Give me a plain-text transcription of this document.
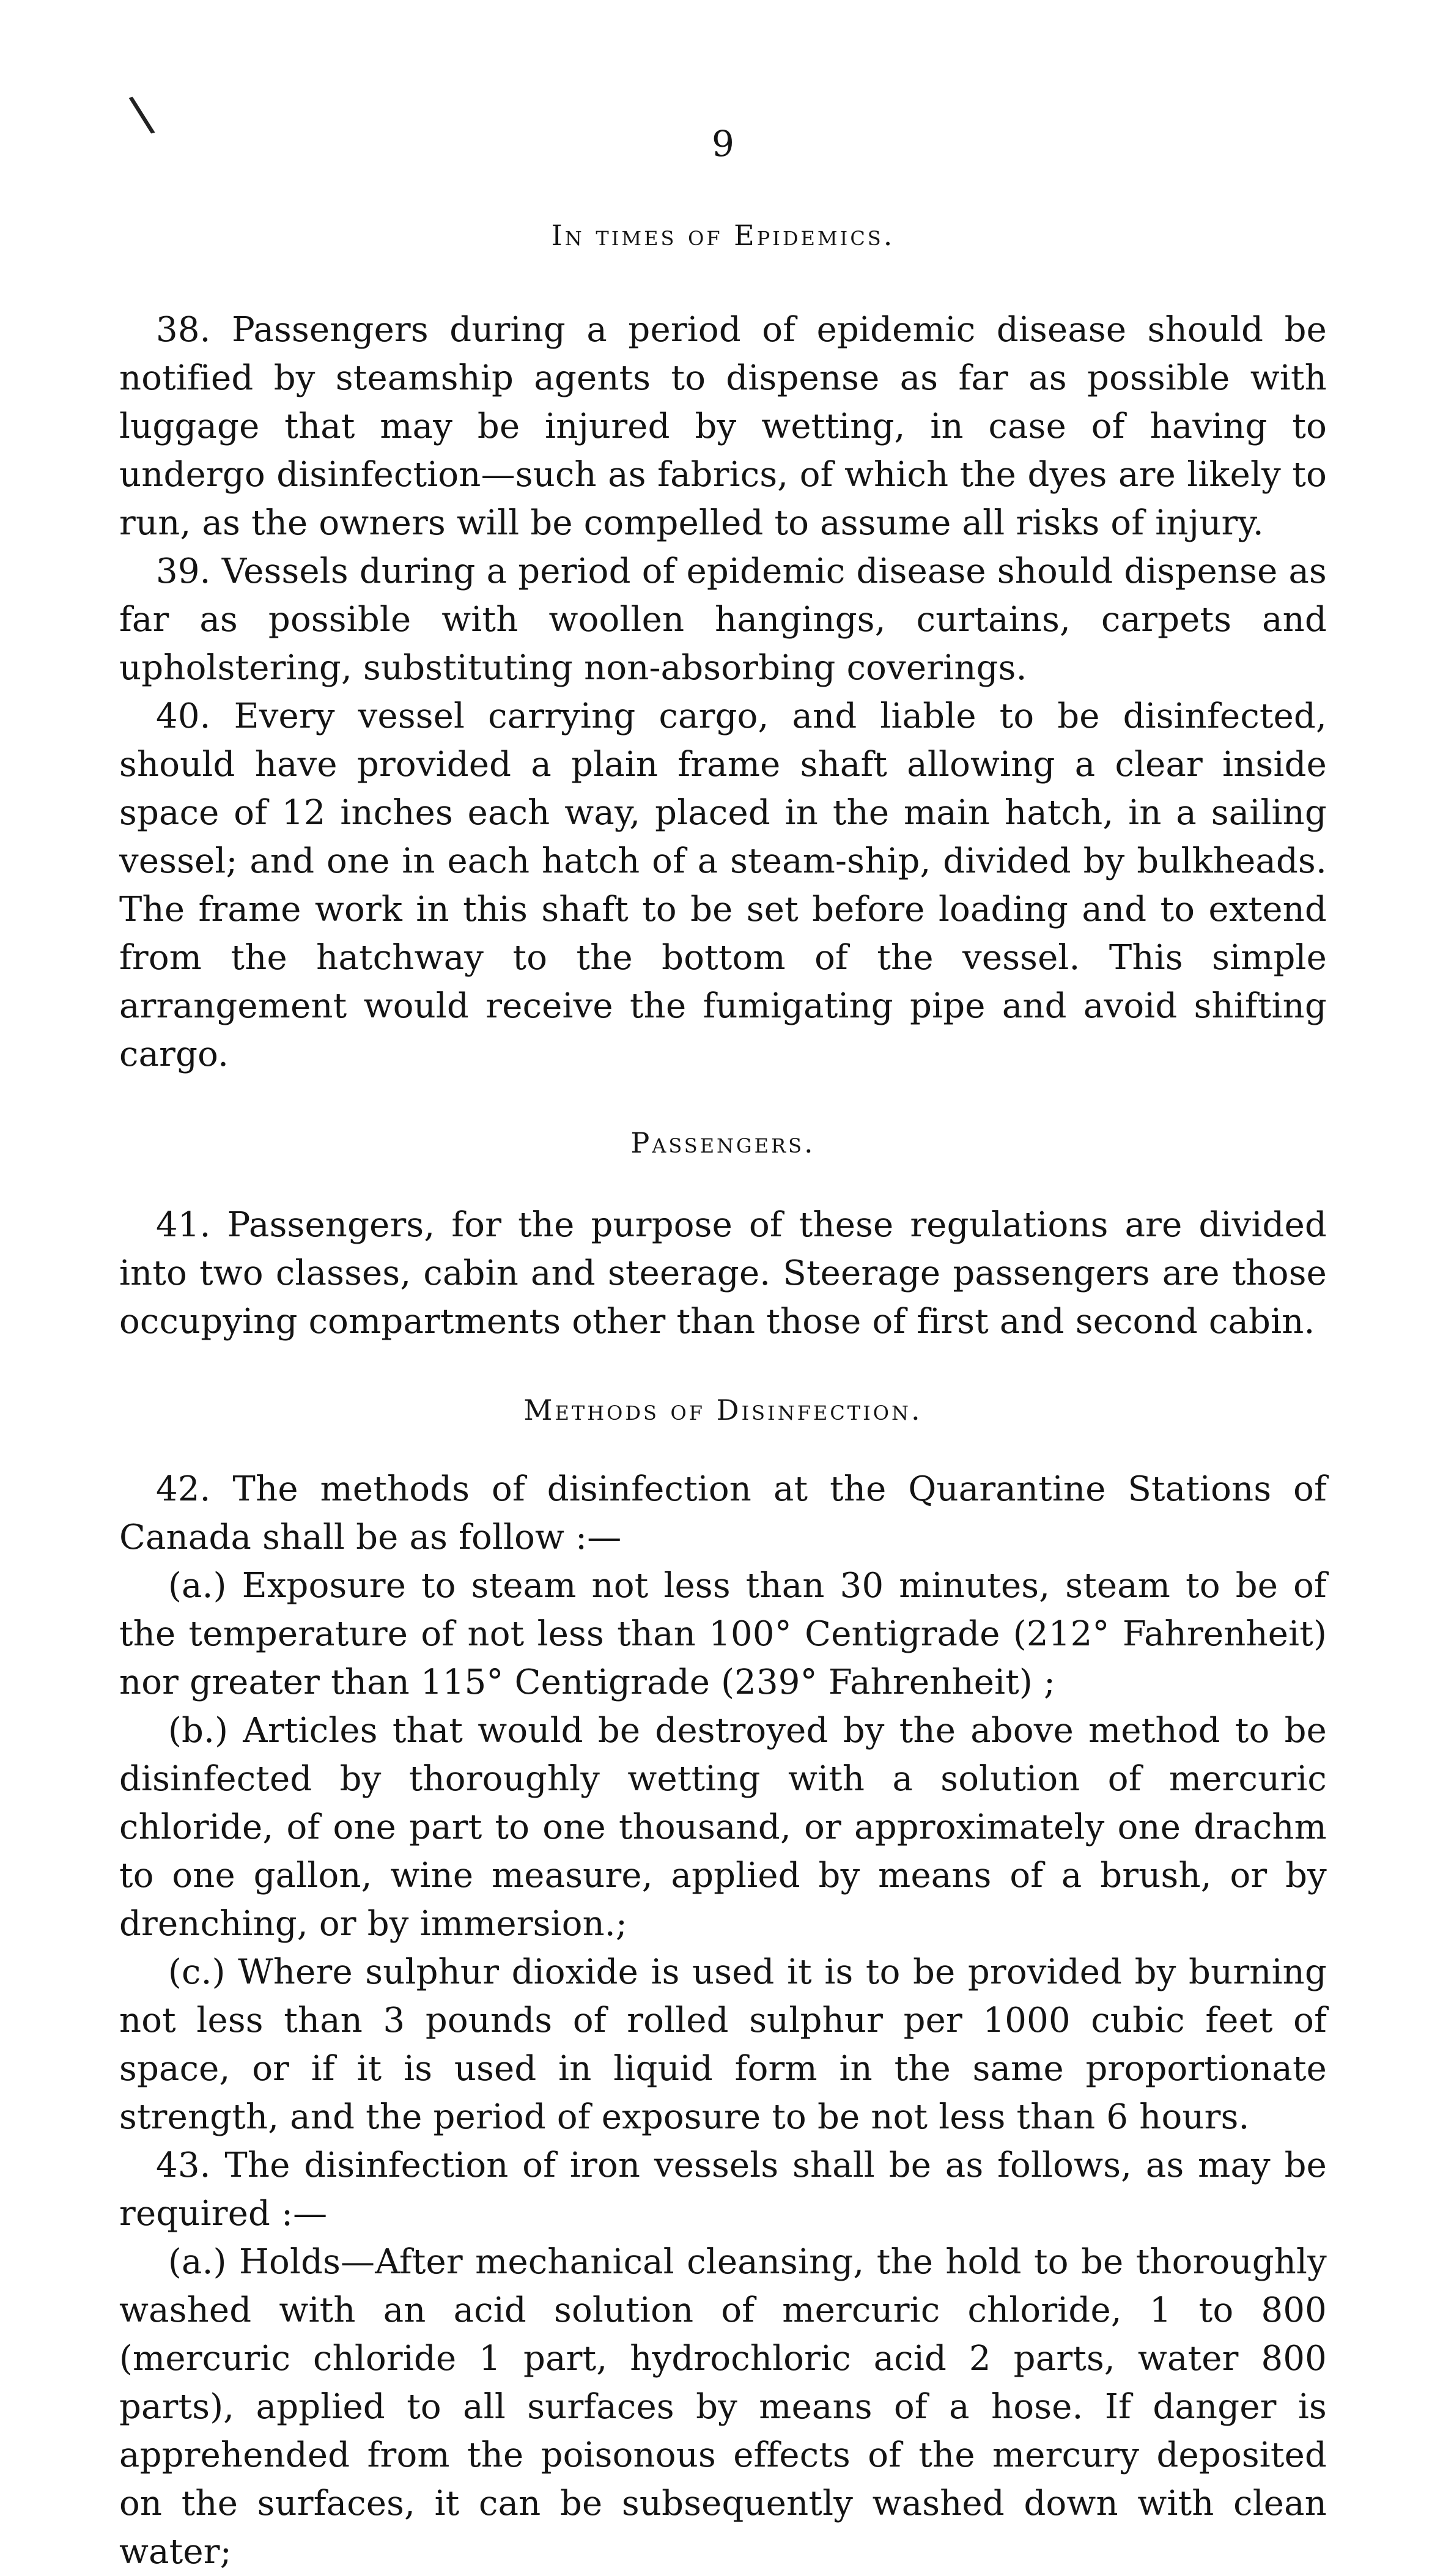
\
9
In times of Epidemics.

38. Passengers during a period of epidemic disease should be notified by steamship agents to dispense as far as possible with luggage that may be injured by wetting, in case of having to undergo disinfection—such as fabrics, of which the dyes are likely to run, as the owners will be compelled to assume all risks of injury.

39. Vessels during a period of epidemic disease should dispense as far as possible with woollen hangings, curtains, carpets and upholstering, substituting non-absorbing coverings.

40. Every vessel carrying cargo, and liable to be disinfected, should have provided a plain frame shaft allowing a clear inside space of 12 inches each way, placed in the main hatch, in a sailing vessel; and one in each hatch of a steam-ship, divided by bulkheads. The frame work in this shaft to be set before loading and to extend from the hatchway to the bottom of the vessel. This simple arrangement would receive the fumigating pipe and avoid shifting cargo.

Passengers.

41. Passengers, for the purpose of these regulations are divided into two classes, cabin and steerage. Steerage passengers are those occupying compartments other than those of first and second cabin.

Methods of Disinfection.

42. The methods of disinfection at the Quarantine Stations of Canada shall be as follow :—

(a.) Exposure to steam not less than 30 minutes, steam to be of the temperature of not less than 100° Centigrade (212° Fahrenheit) nor greater than 115° Centigrade (239° Fahrenheit) ;

(b.) Articles that would be destroyed by the above method to be disinfected by thoroughly wetting with a solution of mercuric chloride, of one part to one thousand, or approximately one drachm to one gallon, wine measure, applied by means of a brush, or by drenching, or by immersion.;

(c.) Where sulphur dioxide is used it is to be provided by burning not less than 3 pounds of rolled sulphur per 1000 cubic feet of space, or if it is used in liquid form in the same proportionate strength, and the period of exposure to be not less than 6 hours.

43. The disinfection of iron vessels shall be as follows, as may be required :—

(a.) Holds—After mechanical cleansing, the hold to be thoroughly washed with an acid solution of mercuric chloride, 1 to 800 (mercuric chloride 1 part, hydrochloric acid 2 parts, water 800 parts), applied to all surfaces by means of a hose. If danger is apprehended from the poisonous effects of the mercury deposited on the surfaces, it can be subsequently washed down with clean water;
